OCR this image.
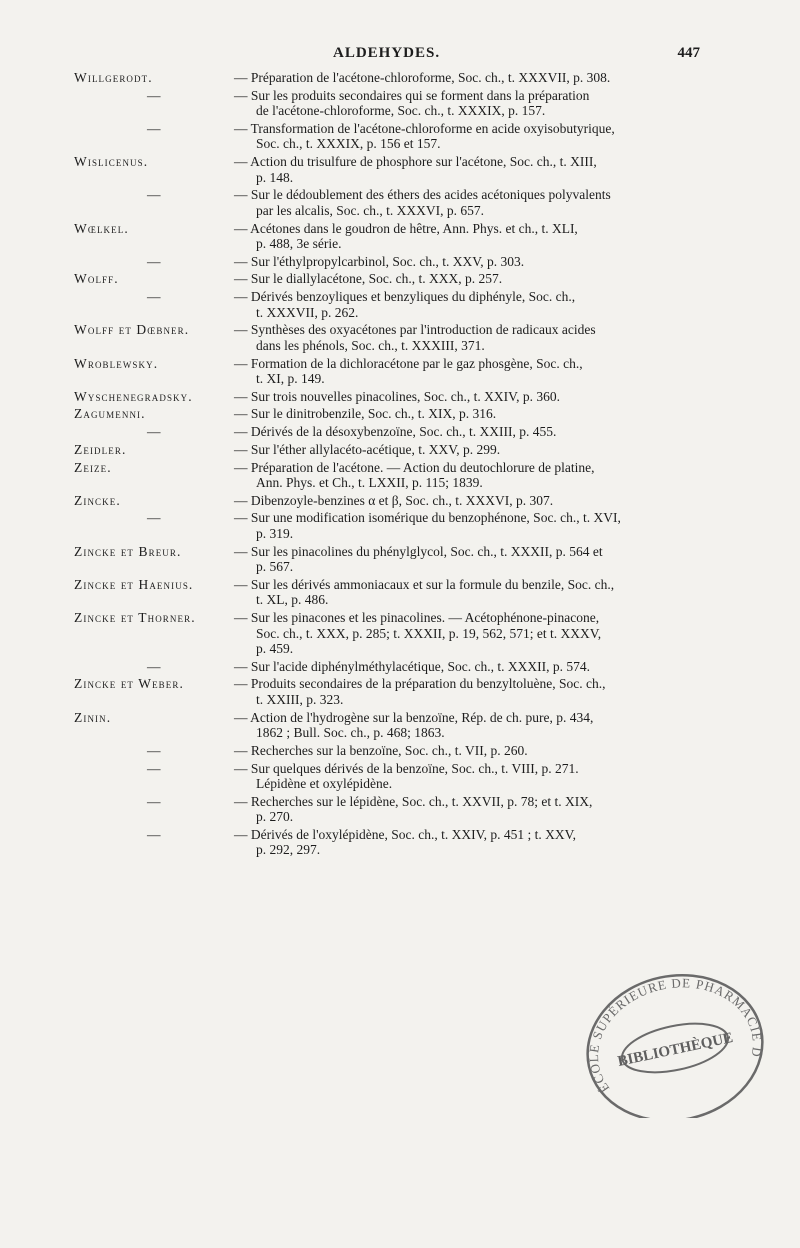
ALDEHYDES.	447
Willgerodt.	— Préparation de l'acétone-chloroforme, Soc. ch., t. XXXVII, p. 308.
—	— Sur les produits secondaires qui se forment dans la préparation
de l'acétone-chloroforme, Soc. ch., t. XXXIX, p. 157.
—	— Transformation de l'acétone-chloroforme en acide oxyisobutyrique,
Soc. ch., t. XXXIX, p. 156 et 157.
Wislicenus.	— Action du trisulfure de phosphore sur l'acétone, Soc. ch., t. XIII,
p. 148.
—	— Sur le dédoublement des éthers des acides acétoniques polyvalents
par les alcalis, Soc. ch., t. XXXVI, p. 657.
Wœlkel.	— Acétones dans le goudron de hêtre, Ann. Phys. et ch., t. XLI,
p. 488, 3e série.
—	— Sur l'éthylpropylcarbinol, Soc. ch., t. XXV, p. 303.
Wolff.	— Sur le diallylacétone, Soc. ch., t. XXX, p. 257.
—	— Dérivés benzoyliques et benzyliques du diphényle, Soc. ch.,
t. XXXVII, p. 262.
Wolff et Dœbner.	— Synthèses des oxyacétones par l'introduction de radicaux acides
dans les phénols, Soc. ch., t. XXXIII, 371.
Wroblewsky.	— Formation de la dichloracétone par le gaz phosgène, Soc. ch.,
t. XI, p. 149.
Wyschenegradsky.	— Sur trois nouvelles pinacolines, Soc. ch., t. XXIV, p. 360.
Zagumenni.	— Sur le dinitrobenzile, Soc. ch., t. XIX, p. 316.
—	— Dérivés de la désoxybenzoïne, Soc. ch., t. XXIII, p. 455.
Zeidler.	— Sur l'éther allylacéto-acétique, t. XXV, p. 299.
Zeize.	— Préparation de l'acétone. — Action du deutochlorure de platine,
Ann. Phys. et Ch., t. LXXII, p. 115; 1839.
Zincke.	— Dibenzoyle-benzines α et β, Soc. ch., t. XXXVI, p. 307.
—	— Sur une modification isomérique du benzophénone, Soc. ch., t. XVI,
p. 319.
Zincke et Breur.	— Sur les pinacolines du phénylglycol, Soc. ch., t. XXXII, p. 564 et
p. 567.
Zincke et Haenius.	— Sur les dérivés ammoniacaux et sur la formule du benzile, Soc. ch.,
t. XL, p. 486.
Zincke et Thorner.	— Sur les pinacones et les pinacolines. — Acétophénone-pinacone,
Soc. ch., t. XXX, p. 285; t. XXXII, p. 19, 562, 571; et t. XXXV,
p. 459.
—	— Sur l'acide diphénylméthylacétique, Soc. ch., t. XXXII, p. 574.
Zincke et Weber.	— Produits secondaires de la préparation du benzyltoluène, Soc. ch.,
t. XXIII, p. 323.
Zinin.	— Action de l'hydrogène sur la benzoïne, Rép. de ch. pure, p. 434,
1862 ; Bull. Soc. ch., p. 468; 1863.
—	— Recherches sur la benzoïne, Soc. ch., t. VII, p. 260.
—	— Sur quelques dérivés de la benzoïne, Soc. ch., t. VIII, p. 271.
Lépidène et oxylépidène.
—	— Recherches sur le lépidène, Soc. ch., t. XXVII, p. 78; et t. XIX,
p. 270.
—	— Dérivés de l'oxylépidène, Soc. ch., t. XXIV, p. 451 ; t. XXV,
p. 292, 297.
ÉCOLE SUPÉRIEURE DE PHARMACIE DE
BIBLIOTHÈQUE
